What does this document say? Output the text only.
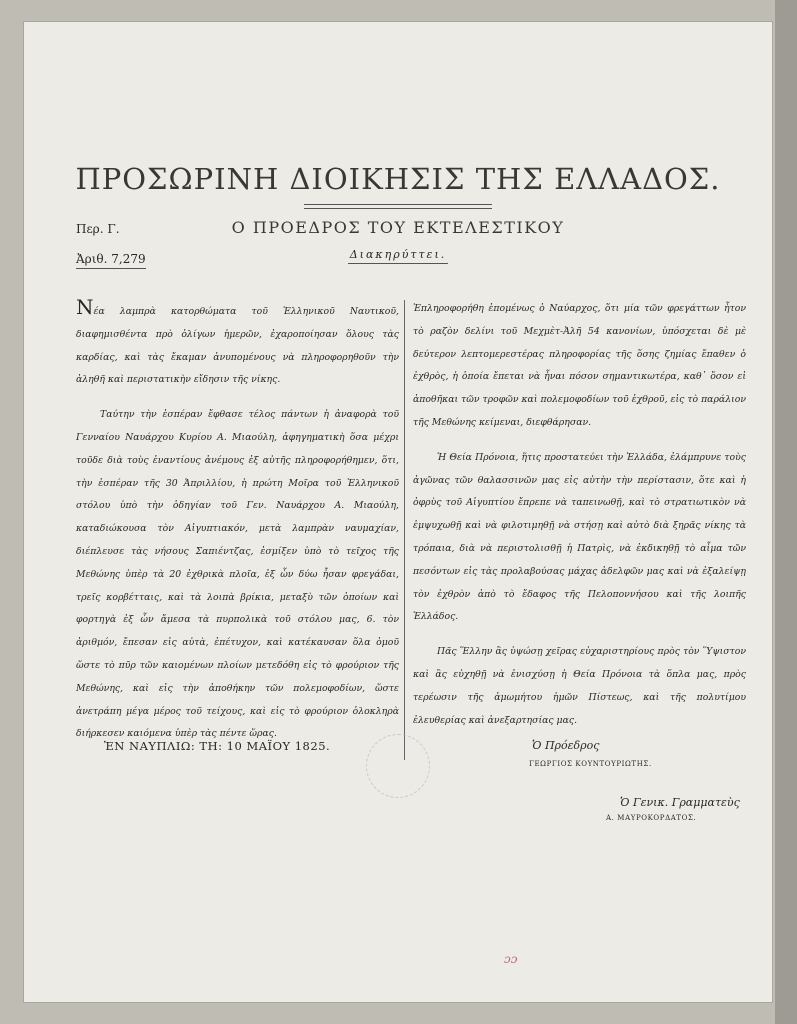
ΠΡΟΣΩΡΙΝΗ ΔΙΟΙΚΗΣΙΣ ΤΗΣ ΕΛΛΑΔΟΣ.
Περ. Γ.
Ἀριθ. 7,279
Ο ΠΡΟΕΔΡΟΣ ΤΟΥ ΕΚΤΕΛΕΣΤΙΚΟΥ
Διακηρύττει.

Νέα λαμπρὰ κατορθώματα τοῦ Ἑλληνικοῦ Ναυτικοῦ, διαφημισθέντα πρὸ ὀλίγων ἡμερῶν, ἐχαροποίησαν ὅλους τὰς καρδίας, καὶ τὰς ἔκαμαν ἀνυπομένους νὰ πληροφορηθοῦν τὴν ἀληθῆ καὶ περιστατικὴν εἴδησιν τῆς νίκης.

Ταύτην τὴν ἑσπέραν ἔφθασε τέλος πάντων ἡ ἀναφορὰ τοῦ Γενναίου Ναυάρχου Κυρίου Α. Μιαούλη, ἀφηγηματικὴ ὅσα μέχρι τοῦδε διὰ τοὺς ἐναντίους ἀνέμους ἐξ αὐτῆς πληροφορήθημεν, ὅτι, τὴν ἑσπέραν τῆς 30 Ἀπριλλίου, ἡ πρώτη Μοῖρα τοῦ Ἑλληνικοῦ στόλου ὑπὸ τὴν ὁδηγίαν τοῦ Γεν. Ναυάρχου Α. Μιαούλη, καταδιώκουσα τὸν Αἰγυπτιακόν, μετὰ λαμπρὰν ναυμαχίαν, διέπλευσε τὰς νήσους Σαπιέντζας, ἐσμίξεν ὑπὸ τὸ τεῖχος τῆς Μεθώνης ὑπὲρ τὰ 20 ἐχθρικὰ πλοῖα, ἐξ ὧν δύω ἦσαν φρεγάδαι, τρεῖς κορβέτταις, καὶ τὰ λοιπὰ βρίκια, μεταξὺ τῶν ὁποίων καὶ φορτηγὰ ἐξ ὧν ἄμεσα τὰ πυρπολικὰ τοῦ στόλου μας, 6. τὸν ἀριθμόν, ἔπεσαν εἰς αὐτὰ, ἐπέτυχον, καὶ κατέκαυσαν ὅλα ὁμοῦ ὥστε τὸ πῦρ τῶν καιομένων πλοίων μετεδόθη εἰς τὸ φρούριον τῆς Μεθώνης, καὶ εἰς τὴν ἀποθήκην τῶν πολεμοφοδίων, ὥστε ἀνετράπη μέγα μέρος τοῦ τείχους, καὶ εἰς τὸ φρούριον ὁλοκληρὰ διήρκεσεν καιόμενα ὑπὲρ τὰς πέντε ὥρας.

Ἐπληροφορήθη ἐπομένως ὁ Ναύαρχος, ὅτι μία τῶν φρεγάττων ἦτον τὸ ραζὸν δελίνι τοῦ Μεχμὲτ-Ἀλῆ 54 κανονίων, ὑπόσχεται δὲ μὲ δεύτερον λεπτομερεστέρας πληροφορίας τῆς ὅσης ζημίας ἔπαθεν ὁ ἐχθρὸς, ἡ ὁποία ἔπεται νὰ ἦναι πόσον σημαντικωτέρα, καθ᾽ ὅσον εἰ ἀποθῆκαι τῶν τροφῶν καὶ πολεμοφοδίων τοῦ ἐχθροῦ, εἰς τὸ παράλιον τῆς Μεθώνης κείμεναι, διεφθάρησαν.

Ἡ Θεία Πρόνοια, ἥτις προστατεύει τὴν Ἑλλάδα, ἐλάμπρυνε τοὺς ἀγῶνας τῶν θαλασσινῶν μας εἰς αὐτὴν τὴν περίστασιν, ὅτε καὶ ἡ ὀφρὺς τοῦ Αἰγυπτίου ἔπρεπε νὰ ταπεινωθῇ, καὶ τὸ στρατιωτικὸν νὰ ἐμψυχωθῇ καὶ νὰ φιλοτιμηθῇ νὰ στήσῃ καὶ αὐτὸ διὰ ξηρᾶς νίκης τὰ τρόπαια, διὰ νὰ περιστολισθῇ ἡ Πατρὶς, νὰ ἐκδικηθῇ τὸ αἷμα τῶν πεσόντων εἰς τὰς προλαβούσας μάχας ἀδελφῶν μας καὶ νὰ ἐξαλείψῃ τὸν ἐχθρὸν ἀπὸ τὸ ἔδαφος τῆς Πελοποννήσου καὶ τῆς λοιπῆς Ἑλλάδος.

Πᾶς Ἕλλην ἂς ὑψώσῃ χεῖρας εὐχαριστηρίους πρὸς τὸν Ὕψιστον καὶ ἂς εὐχηθῇ νὰ ἐνισχύσῃ ἡ Θεία Πρόνοια τὰ ὅπλα μας, πρὸς τερέωσιν τῆς ἀμωμήτου ἡμῶν Πίστεως, καὶ τῆς πολυτίμου ἐλευθερίας καὶ ἀνεξαρτησίας μας.

ἘΝ ΝΑΥΠΛΙΩ: ΤΗ: 10 ΜΑΪΟΥ 1825.	Ὁ Πρόεδρος
ΓΕΩΡΓΙΟΣ ΚΟΥΝΤΟΥΡΙΩΤΗΣ.
Ὁ Γενικ. Γραμματεὺς
Α. ΜΑΥΡΟΚΟΡΔΑΤΟΣ.
ɔɔ
